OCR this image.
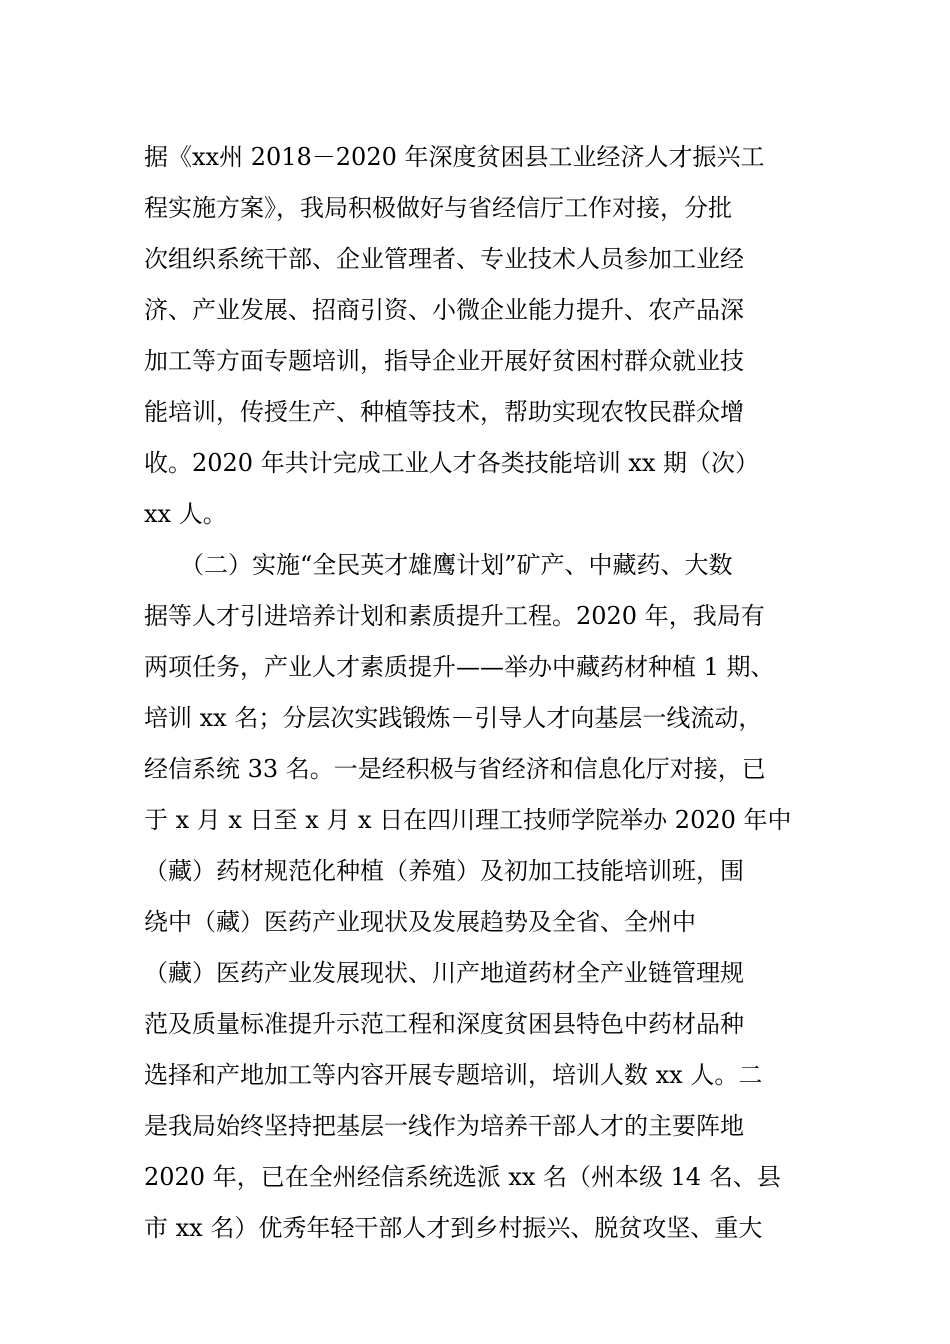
据《xx州 2018－2020 年深度贫困县工业经济人才振兴工
程实施方案》，我局积极做好与省经信厅工作对接，分批
次组织系统干部、企业管理者、专业技术人员参加工业经
济、产业发展、招商引资、小微企业能力提升、农产品深
加工等方面专题培训，指导企业开展好贫困村群众就业技
能培训，传授生产、种植等技术，帮助实现农牧民群众增
收。2020 年共计完成工业人才各类技能培训 xx 期（次）
xx 人。
　　（二）实施“全民英才雄鹰计划”矿产、中藏药、大数
据等人才引进培养计划和素质提升工程。2020 年，我局有
两项任务，产业人才素质提升——举办中藏药材种植 1 期、
培训 xx 名；分层次实践锻炼－引导人才向基层一线流动，
经信系统 33 名。一是经积极与省经济和信息化厅对接，已
于 x 月 x 日至 x 月 x 日在四川理工技师学院举办 2020 年中
（藏）药材规范化种植（养殖）及初加工技能培训班，围
绕中（藏）医药产业现状及发展趋势及全省、全州中
（藏）医药产业发展现状、川产地道药材全产业链管理规
范及质量标准提升示范工程和深度贫困县特色中药材品种
选择和产地加工等内容开展专题培训，培训人数 xx 人。二
是我局始终坚持把基层一线作为培养干部人才的主要阵地
2020 年，已在全州经信系统选派 xx 名（州本级 14 名、县
市 xx 名）优秀年轻干部人才到乡村振兴、脱贫攻坚、重大
